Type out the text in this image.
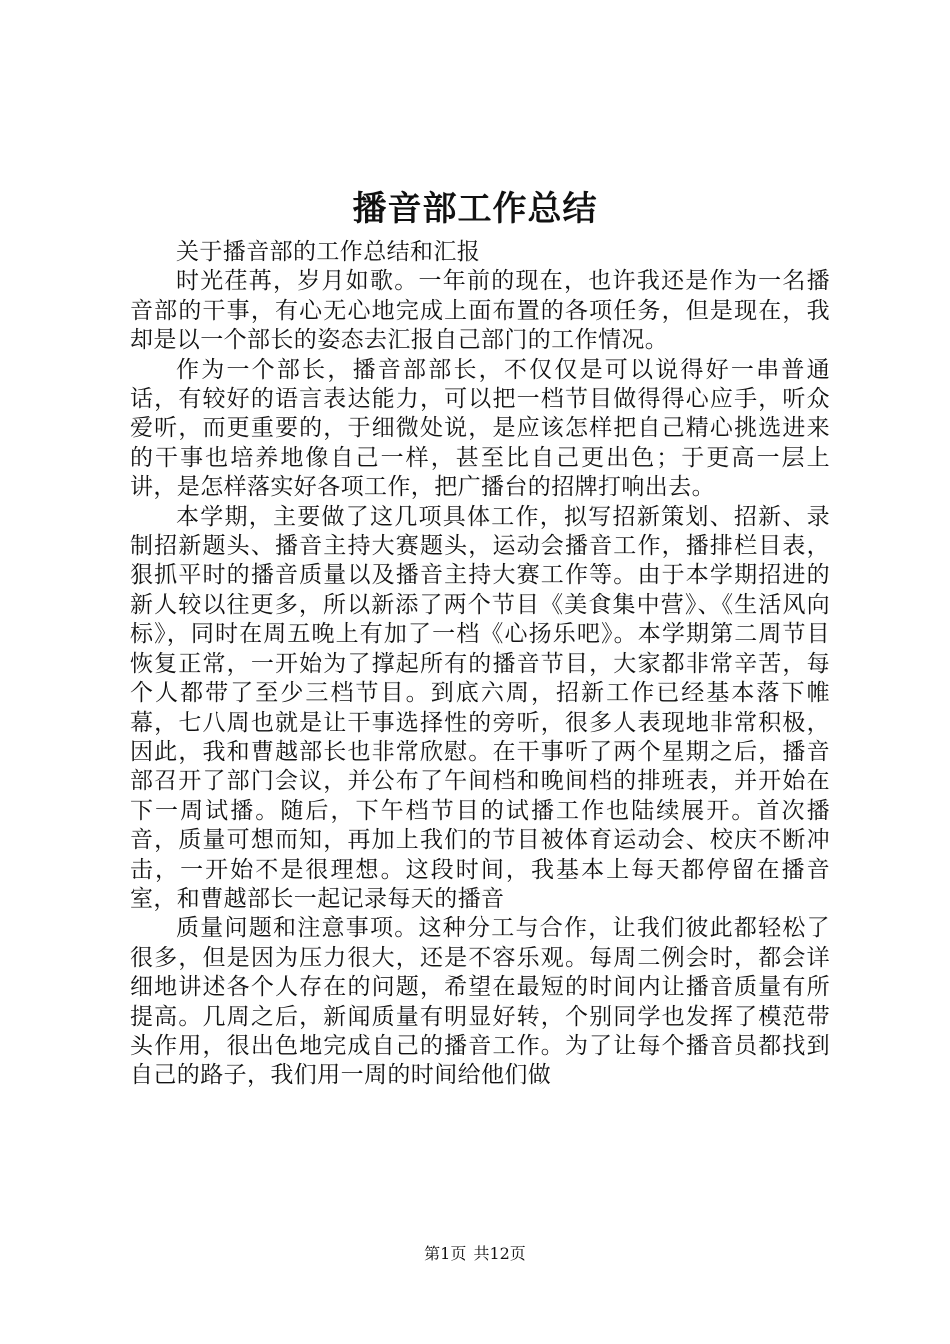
播音部工作总结

关于播音部的工作总结和汇报

时光荏苒，岁月如歌。一年前的现在，也许我还是作为一名播音部的干事，有心无心地完成上面布置的各项任务，但是现在，我却是以一个部长的姿态去汇报自己部门的工作情况。

作为一个部长，播音部部长，不仅仅是可以说得好一串普通话，有较好的语言表达能力，可以把一档节目做得得心应手，听众爱听，而更重要的，于细微处说，是应该怎样把自己精心挑选进来的干事也培养地像自己一样，甚至比自己更出色；于更高一层上讲，是怎样落实好各项工作，把广播台的招牌打响出去。

本学期，主要做了这几项具体工作，拟写招新策划、招新、录制招新题头、播音主持大赛题头，运动会播音工作，播排栏目表，狠抓平时的播音质量以及播音主持大赛工作等。由于本学期招进的新人较以往更多，所以新添了两个节目《美食集中营》、《生活风向标》，同时在周五晚上有加了一档《心扬乐吧》。本学期第二周节目恢复正常，一开始为了撑起所有的播音节目，大家都非常辛苦，每个人都带了至少三档节目。到底六周，招新工作已经基本落下帷幕，七八周也就是让干事选择性的旁听，很多人表现地非常积极，因此，我和曹越部长也非常欣慰。在干事听了两个星期之后，播音部召开了部门会议，并公布了午间档和晚间档的排班表，并开始在下一周试播。随后，下午档节目的试播工作也陆续展开。首次播音，质量可想而知，再加上我们的节目被体育运动会、校庆不断冲击，一开始不是很理想。这段时间，我基本上每天都停留在播音室，和曹越部长一起记录每天的播音

质量问题和注意事项。这种分工与合作，让我们彼此都轻松了很多，但是因为压力很大，还是不容乐观。每周二例会时，都会详细地讲述各个人存在的问题，希望在最短的时间内让播音质量有所提高。几周之后，新闻质量有明显好转，个别同学也发挥了模范带头作用，很出色地完成自己的播音工作。为了让每个播音员都找到自己的路子，我们用一周的时间给他们做

第1页 共12页
